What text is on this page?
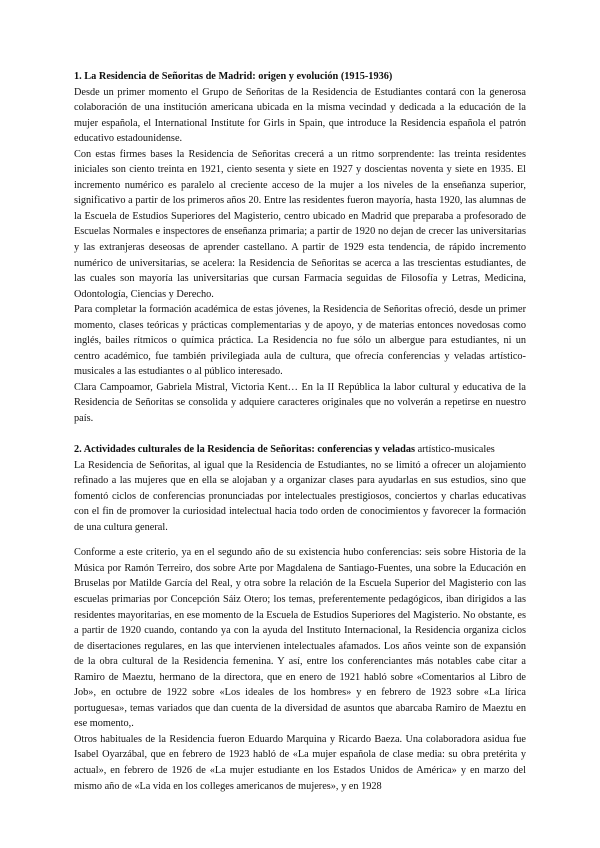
1. La Residencia de Señoritas de Madrid: origen y evolución (1915-1936)

Desde un primer momento el Grupo de Señoritas de la Residencia de Estudiantes contará con la generosa colaboración de una institución americana ubicada en la misma vecindad y dedicada a la educación de la mujer española, el International Institute for Girls in Spain, que introduce la Residencia española el patrón educativo estadounidense.

Con estas firmes bases la Residencia de Señoritas crecerá a un ritmo sorprendente: las treinta residentes iniciales son ciento treinta en 1921, ciento sesenta y siete en 1927 y doscientas noventa y siete en 1935. El incremento numérico es paralelo al creciente acceso de la mujer a los niveles de la enseñanza superior, significativo a partir de los primeros años 20. Entre las residentes fueron mayoría, hasta 1920, las alumnas de la Escuela de Estudios Superiores del Magisterio, centro ubicado en Madrid que preparaba a profesorado de Escuelas Normales e inspectores de enseñanza primaria; a partir de 1920 no dejan de crecer las universitarias y las extranjeras deseosas de aprender castellano. A partir de 1929 esta tendencia, de rápido incremento numérico de universitarias, se acelera: la Residencia de Señoritas se acerca a las trescientas estudiantes, de las cuales son mayoría las universitarias que cursan Farmacia seguidas de Filosofía y Letras, Medicina, Odontología, Ciencias y Derecho.

Para completar la formación académica de estas jóvenes, la Residencia de Señoritas ofreció, desde un primer momento, clases teóricas y prácticas complementarias y de apoyo, y de materias entonces novedosas como inglés, bailes rítmicos o química práctica. La Residencia no fue sólo un albergue para estudiantes, ni un centro académico, fue también privilegiada aula de cultura, que ofrecía conferencias y veladas artístico-musicales a las estudiantes o al público interesado.

Clara Campoamor, Gabriela Mistral, Victoria Kent… En la II República la labor cultural y educativa de la Residencia de Señoritas se consolida y adquiere caracteres originales que no volverán a repetirse en nuestro país.

2. Actividades culturales de la Residencia de Señoritas: conferencias y veladas artístico-musicales

La Residencia de Señoritas, al igual que la Residencia de Estudiantes, no se limitó a ofrecer un alojamiento refinado a las mujeres que en ella se alojaban y a organizar clases para ayudarlas en sus estudios, sino que fomentó ciclos de conferencias pronunciadas por intelectuales prestigiosos, conciertos y charlas educativas con el fin de promover la curiosidad intelectual hacia todo orden de conocimientos y favorecer la formación de una cultura general.

Conforme a este criterio, ya en el segundo año de su existencia hubo conferencias: seis sobre Historia de la Música por Ramón Terreiro, dos sobre Arte por Magdalena de Santiago-Fuentes, una sobre la Educación en Bruselas por Matilde García del Real, y otra sobre la relación de la Escuela Superior del Magisterio con las escuelas primarias por Concepción Sáiz Otero; los temas, preferentemente pedagógicos, iban dirigidos a las residentes mayoritarias, en ese momento de la Escuela de Estudios Superiores del Magisterio. No obstante, es a partir de 1920 cuando, contando ya con la ayuda del Instituto Internacional, la Residencia organiza ciclos de disertaciones regulares, en las que intervienen intelectuales afamados. Los años veinte son de expansión de la obra cultural de la Residencia femenina. Y así, entre los conferenciantes más notables cabe citar a Ramiro de Maeztu, hermano de la directora, que en enero de 1921 habló sobre «Comentarios al Libro de Job», en octubre de 1922 sobre «Los ideales de los hombres» y en febrero de 1923 sobre «La lírica portuguesa», temas variados que dan cuenta de la diversidad de asuntos que abarcaba Ramiro de Maeztu en ese momento,.

Otros habituales de la Residencia fueron Eduardo Marquina y Ricardo Baeza. Una colaboradora asidua fue Isabel Oyarzábal, que en febrero de 1923 habló de «La mujer española de clase media: su obra pretérita y actual», en febrero de 1926 de «La mujer estudiante en los Estados Unidos de América» y en marzo del mismo año de «La vida en los colleges americanos de mujeres», y en 1928
